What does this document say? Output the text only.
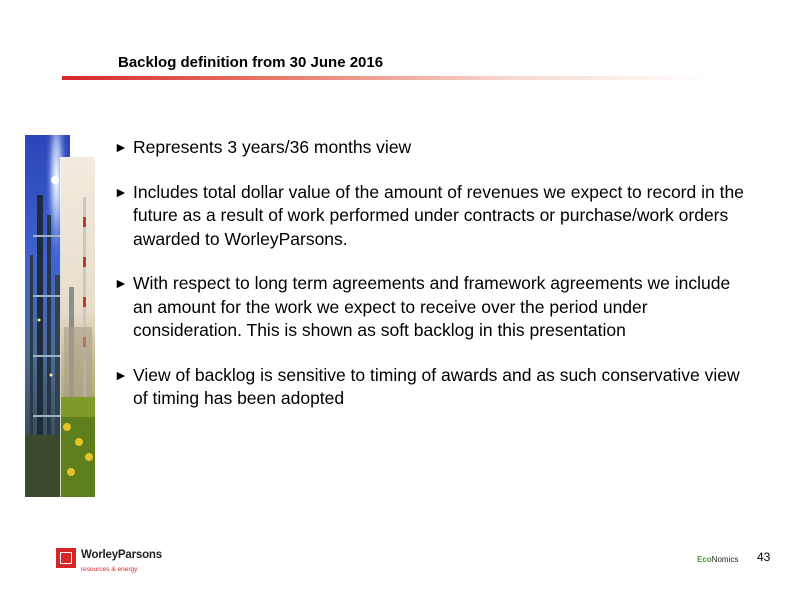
Backlog definition from 30 June 2016
► Represents 3 years/36 months view
► Includes total dollar value of the amount of revenues we expect to record in the future as a result of work performed under contracts or purchase/work orders awarded to WorleyParsons.
► With respect to long term agreements and framework agreements we include an amount for the work we expect to receive over the period under consideration. This is shown as soft backlog in this presentation
► View of backlog is sensitive to timing of awards and as such conservative view of timing has been adopted
WorleyParsons
resources & energy
EcoNomics 43
